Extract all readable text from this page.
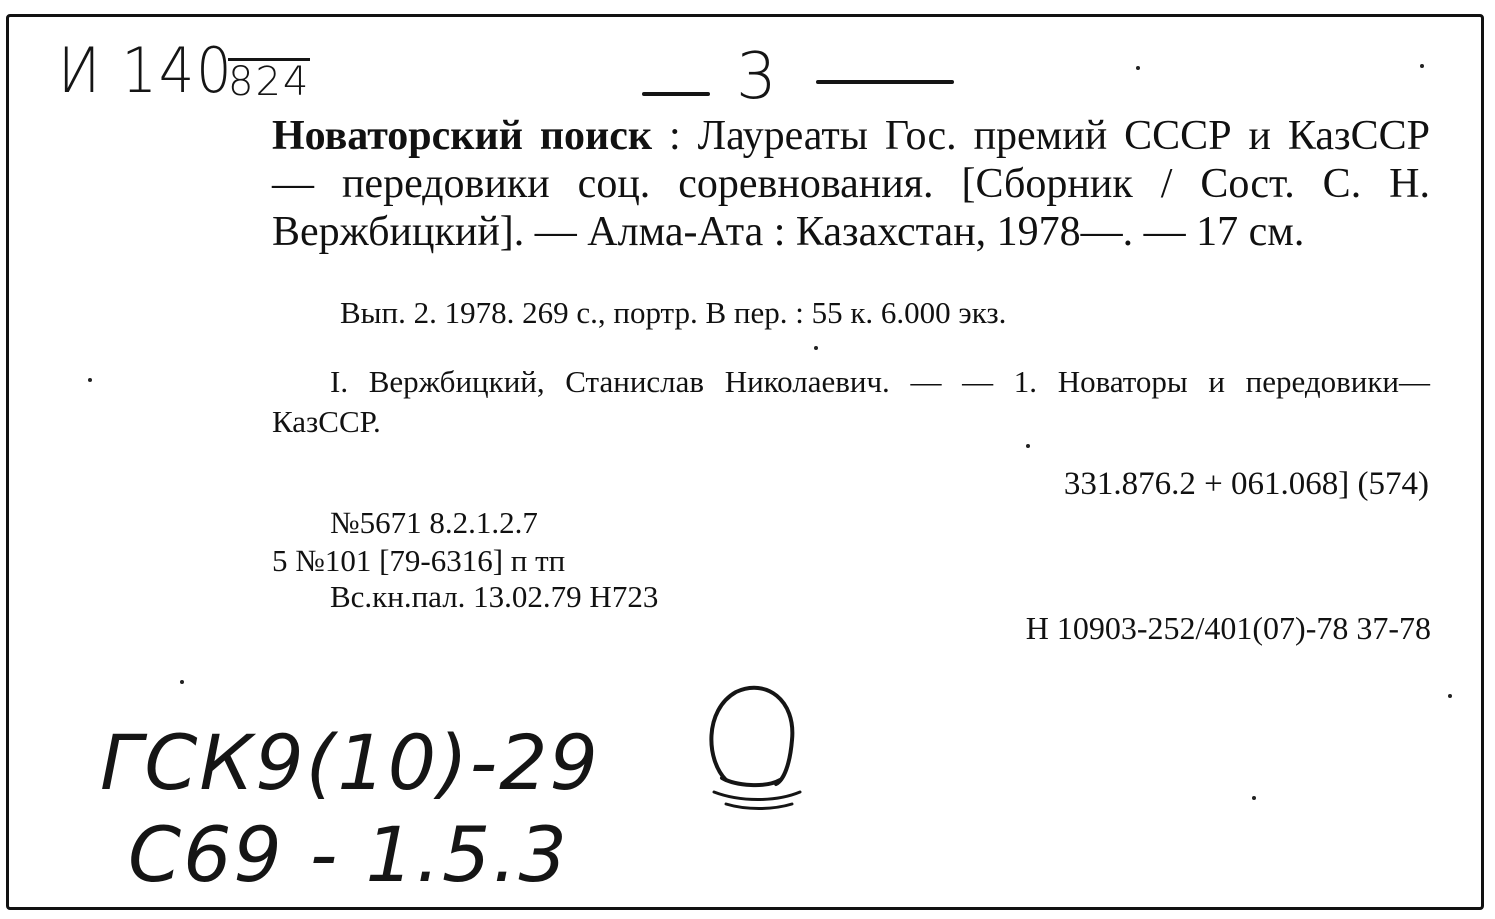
И 140
824	3
Новаторский поиск : Лауреаты Гос. премий СССР и КазССР — передовики соц. соревнования. [Сборник / Сост. С. Н. Вержбицкий]. — Алма-Ата : Казахстан, 1978—. — 17 см.
Вып. 2. 1978. 269 с., портр. В пер. : 55 к. 6.000 экз.
I. Вержбицкий, Станислав Николаевич. — — 1. Новаторы и передовики— КазССР.
331.876.2 + 061.068] (574)
№5671 8.2.1.2.7
5 №101 [79-6316] п тп
Вс.кн.пал. 13.02.79 Н723
Н 10903-252/401(07)-78 37-78
ГСК9(10)-29
С69 - 1.5.3
